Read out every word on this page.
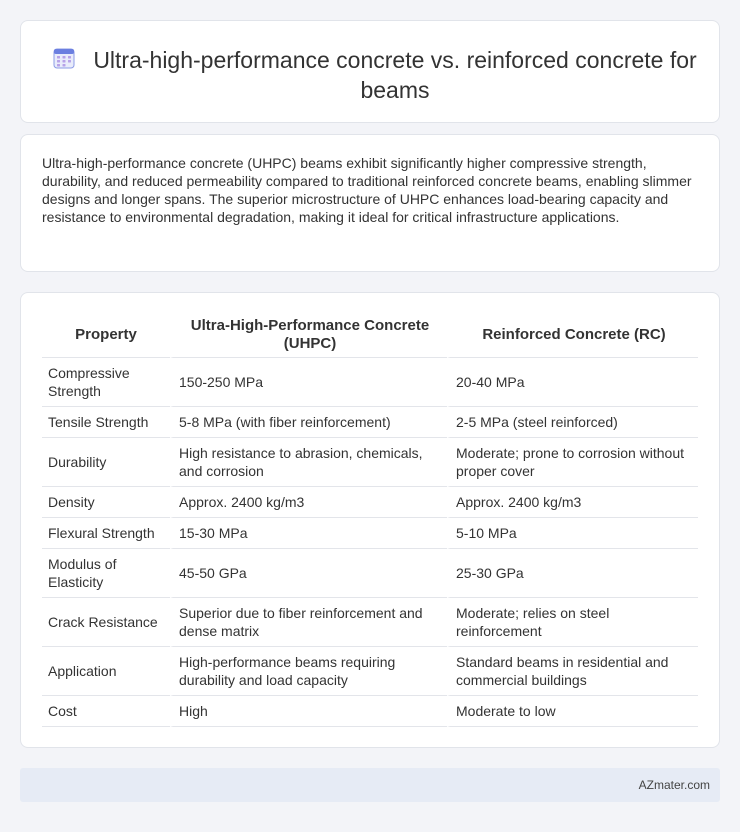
Ultra-high-performance concrete vs. reinforced concrete for beams

Ultra-high-performance concrete (UHPC) beams exhibit significantly higher compressive strength, durability, and reduced permeability compared to traditional reinforced concrete beams, enabling slimmer designs and longer spans. The superior microstructure of UHPC enhances load-bearing capacity and resistance to environmental degradation, making it ideal for critical infrastructure applications.

Property	Ultra-High-Performance Concrete (UHPC)	Reinforced Concrete (RC)
Compressive Strength	150-250 MPa	20-40 MPa
Tensile Strength	5-8 MPa (with fiber reinforcement)	2-5 MPa (steel reinforced)
Durability	High resistance to abrasion, chemicals, and corrosion	Moderate; prone to corrosion without proper cover
Density	Approx. 2400 kg/m3	Approx. 2400 kg/m3
Flexural Strength	15-30 MPa	5-10 MPa
Modulus of Elasticity	45-50 GPa	25-30 GPa
Crack Resistance	Superior due to fiber reinforcement and dense matrix	Moderate; relies on steel reinforcement
Application	High-performance beams requiring durability and load capacity	Standard beams in residential and commercial buildings
Cost	High	Moderate to low
AZmater.com
